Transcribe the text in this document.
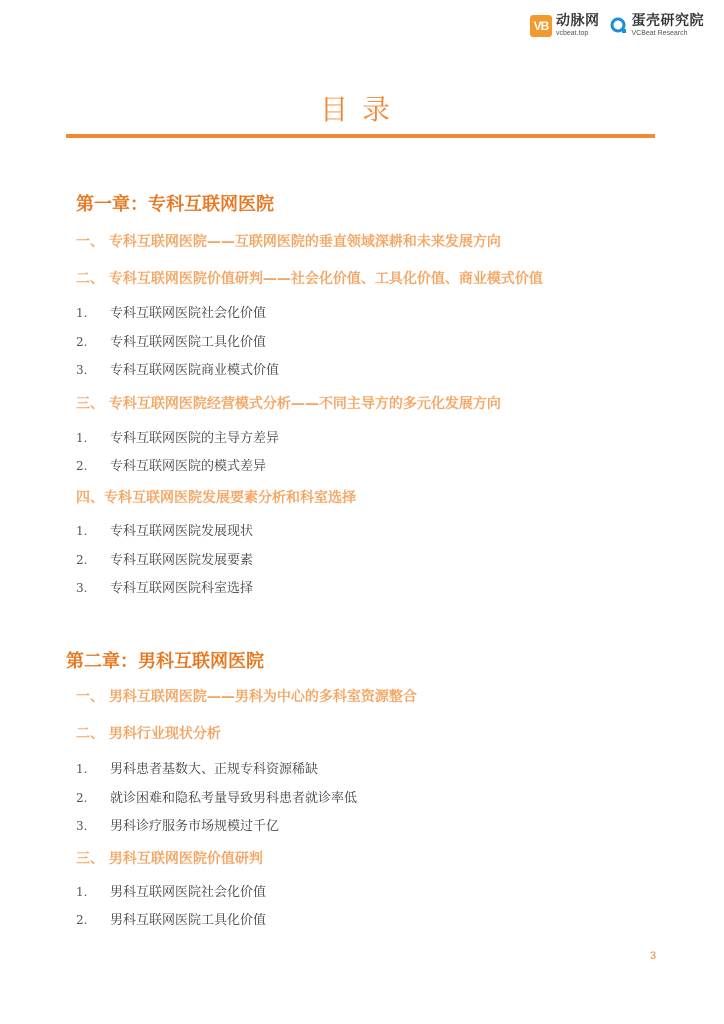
VB 动脉网
vcbeat.top
蛋壳研究院
VCBeat Research
目录
第一章：专科互联网医院
一、 专科互联网医院——互联网医院的垂直领域深耕和未来发展方向
二、 专科互联网医院价值研判——社会化价值、工具化价值、商业模式价值
1. 专科互联网医院社会化价值
2. 专科互联网医院工具化价值
3. 专科互联网医院商业模式价值
三、 专科互联网医院经营模式分析——不同主导方的多元化发展方向
1. 专科互联网医院的主导方差异
2. 专科互联网医院的模式差异
四、专科互联网医院发展要素分析和科室选择
1. 专科互联网医院发展现状
2. 专科互联网医院发展要素
3. 专科互联网医院科室选择
第二章：男科互联网医院
一、 男科互联网医院——男科为中心的多科室资源整合
二、 男科行业现状分析
1. 男科患者基数大、正规专科资源稀缺
2. 就诊困难和隐私考量导致男科患者就诊率低
3. 男科诊疗服务市场规模过千亿
三、 男科互联网医院价值研判
1. 男科互联网医院社会化价值
2. 男科互联网医院工具化价值
3
